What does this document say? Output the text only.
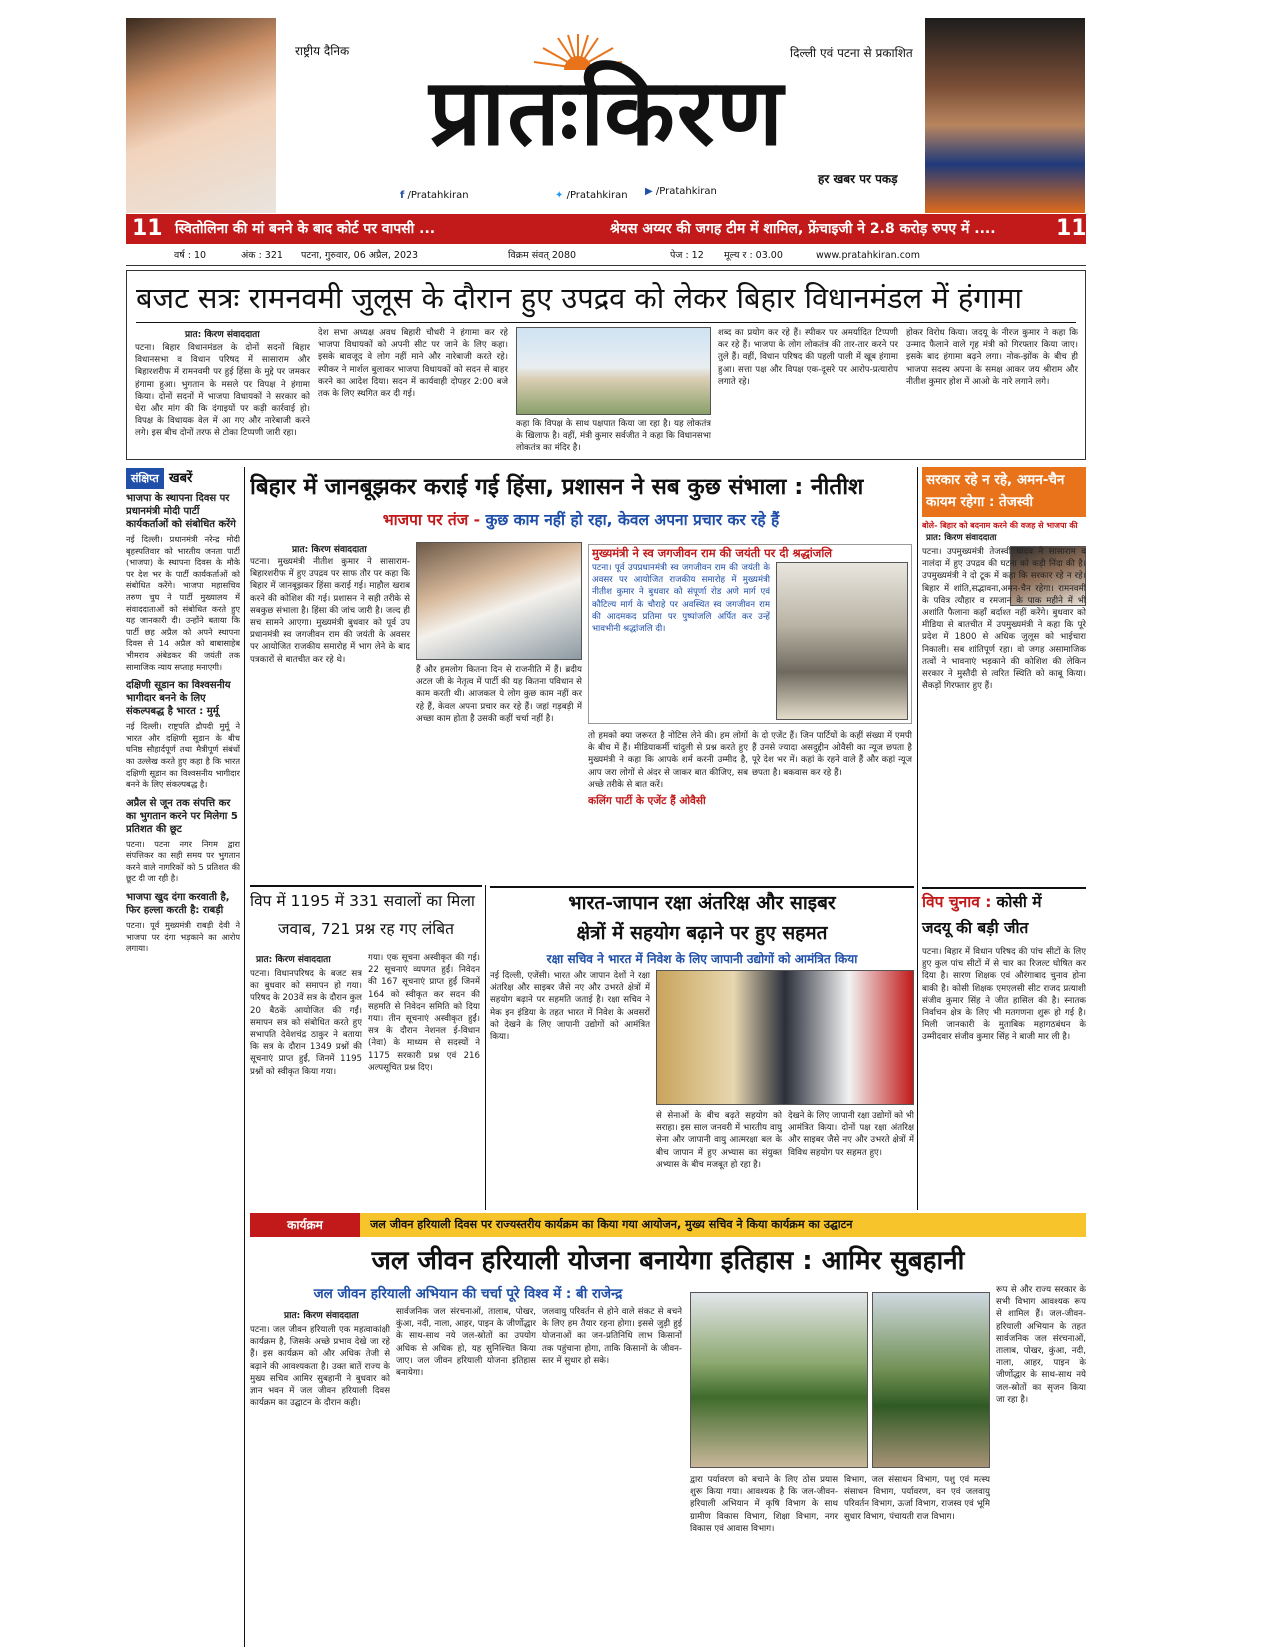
राष्ट्रीय दैनिक	दिल्ली एवं पटना से प्रकाशित
प्रातःकिरण
हर खबर पर पकड़
f /Pratahkiran	✦ /Pratahkiran ▶ /Pratahkiran
11 स्वितोलिना की मां बनने के बाद कोर्ट पर वापसी ...	श्रेयस अय्यर की जगह टीम में शामिल, फ्रेंचाइजी ने 2.8 करोड़ रुपए में ....	11
वर्ष : 10	अंक : 321 पटना, गुरुवार, 06 अप्रैल, 2023	विक्रम संवत् 2080	पेज : 12 मूल्य र : 03.00	www.pratahkiran.com
बजट सत्रः रामनवमी जुलूस के दौरान हुए उपद्रव को लेकर बिहार विधानमंडल में हंगामा
प्रात: किरण संवाददाता

पटना। बिहार विधानमंडल के दोनों सदनों बिहार विधानसभा व विधान परिषद में सासाराम और बिहारशरीफ में रामनवमी पर हुई हिंसा के मुद्दे पर जमकर हंगामा हुआ। भुगतान के मसले पर विपक्ष ने हंगामा किया। दोनों सदनों में भाजपा विधायकों ने सरकार को घेरा और मांग की कि दंगाइयों पर कड़ी कार्रवाई हो। विपक्ष के विधायक वेल में आ गए और नारेबाजी करने लगे। इस बीच दोनों तरफ से टोका टिप्पणी जारी रहा।

देश सभा अध्यक्ष अवध बिहारी चौधरी ने हंगामा कर रहे भाजपा विधायकों को अपनी सीट पर जाने के लिए कहा। इसके बावजूद वे लोग नहीं माने और नारेबाजी करते रहे। स्पीकर ने मार्शल बुलाकर भाजपा विधायकों को सदन से बाहर करने का आदेश दिया। सदन में कार्यवाही दोपहर 2:00 बजे तक के लिए स्थगित कर दी गई।

कहा कि विपक्ष के साथ पक्षपात किया जा रहा है। यह लोकतंत्र के खिलाफ है। वहीं, मंत्री कुमार सर्वजीत ने कहा कि विधानसभा लोकतंत्र का मंदिर है।

शब्द का प्रयोग कर रहे हैं। स्पीकर पर अमर्यादित टिप्पणी कर रहे हैं। भाजपा के लोग लोकतंत्र की तार-तार करने पर तुले हैं। वहीं, विधान परिषद की पहली पाली में खूब हंगामा हुआ। सत्ता पक्ष और विपक्ष एक-दूसरे पर आरोप-प्रत्यारोप लगाते रहे।

होकर विरोध किया। जदयू के नीरज कुमार ने कहा कि उन्माद फैलाने वाले गृह मंत्री को गिरफ्तार किया जाए। इसके बाद हंगामा बढ़ने लगा। नोक-झोंक के बीच ही भाजपा सदस्य अपना के समक्ष आकर जय श्रीराम और नीतीश कुमार होश में आओ के नारे लगाने लगे।

संक्षिप्त खबरें
भाजपा के स्थापना दिवस पर प्रधानमंत्री मोदी पार्टी कार्यकर्ताओं को संबोधित करेंगे

नई दिल्ली। प्रधानमंत्री नरेन्द्र मोदी बृहस्पतिवार को भारतीय जनता पार्टी (भाजपा) के स्थापना दिवस के मौके पर देश भर के पार्टी कार्यकर्ताओं को संबोधित करेंगे। भाजपा महासचिव तरुण चुघ ने पार्टी मुख्यालय में संवाददाताओं को संबोधित करते हुए यह जानकारी दी। उन्होंने बताया कि पार्टी छह अप्रैल को अपने स्थापना दिवस से 14 अप्रैल को बाबासाहेब भीमराव अंबेडकर की जयंती तक सामाजिक न्याय सप्ताह मनाएगी।

दक्षिणी सूडान का विश्वसनीय भागीदार बनने के लिए संकल्पबद्ध है भारत : मुर्मू

नई दिल्ली। राष्ट्रपति द्रौपदी मुर्मू ने भारत और दक्षिणी सूडान के बीच घनिष्ठ सौहार्दपूर्ण तथा मैत्रीपूर्ण संबंधों का उल्लेख करते हुए कहा है कि भारत दक्षिणी सूडान का विश्वसनीय भागीदार बनने के लिए संकल्पबद्ध है।

अप्रैल से जून तक संपत्ति कर का भुगतान करने पर मिलेगा 5 प्रतिशत की छूट

पटना। पटना नगर निगम द्वारा संपत्तिकर का सही समय पर भुगतान करने वाले नागरिकों को 5 प्रतिशत की छूट दी जा रही है।

भाजपा खुद दंगा करवाती है, फिर हल्ला करती है: राबड़ी

पटना। पूर्व मुख्यमंत्री राबड़ी देवी ने भाजपा पर दंगा भड़काने का आरोप लगाया।

बिहार में जानबूझकर कराई गई हिंसा, प्रशासन ने सब कुछ संभाला : नीतीश
भाजपा पर तंज - कुछ काम नहीं हो रहा, केवल अपना प्रचार कर रहे हैं
प्रात: किरण संवाददाता

पटना। मुख्यमंत्री नीतीश कुमार ने सासाराम-बिहारशरीफ में हुए उपद्रव पर साफ तौर पर कहा कि बिहार में जानबूझकर हिंसा कराई गई। माहौल खराब करने की कोशिश की गई। प्रशासन ने सही तरीके से सबकुछ संभाला है। हिंसा की जांच जारी है। जल्द ही सच सामने आएगा। मुख्यमंत्री बुधवार को पूर्व उप प्रधानमंत्री स्व जगजीवन राम की जयंती के अवसर पर आयोजित राजकीय समारोह में भाग लेने के बाद पत्रकारों से बातचीत कर रहे थे।

हैं और हमलोग कितना दिन से राजनीति में हैं। ब्रदीय अटल जी के नेतृत्व में पार्टी की यह कितना पविधान से काम करती थी। आजकल ये लोग कुछ काम नहीं कर रहे हैं, केवल अपना प्रचार कर रहे हैं। जहां गड़बड़ी में अच्छा काम होता है उसकी कहीं चर्चा नहीं है।

मुख्यमंत्री ने स्व जगजीवन राम की जयंती पर दी श्रद्धांजलि

पटना। पूर्व उपप्रधानमंत्री स्व जगजीवन राम की जयंती के अवसर पर आयोजित राजकीय समारोह में मुख्यमंत्री नीतीश कुमार ने बुधवार को संपूर्णा रोड अणे मार्ग एवं कौटिल्य मार्ग के चौराहे पर अवस्थित स्व जगजीवन राम की आदमकद प्रतिमा पर पुष्पांजलि अर्पित कर उन्हें भावभीनी श्रद्धांजलि दी।

तो हमको क्या जरूरत है नोटिस लेने की। हम लोगों के बीच में हैं। मीडियाकर्मी चांदुली से प्रश्न करते हुए मुख्यमंत्री ने कहा कि आपके शर्म करनी उम्मीद है, आप जरा लोगों से अंदर से जाकर बात कीजिए, सब अच्छे तरीके से बात करें।

कलिंग पार्टी के एजेंट हैं ओवैसी

के दो एजेंट हैं। जिन पार्टियों के कहीं संख्या में एमपी हैं उनसे ज्यादा असदुद्दीन ओवैसी का न्यूज छपता है पूरे देश भर में। कहां के रहने वाले हैं और कहां न्यूज छपता है। बकवास कर रहे हैं।

सरकार रहे न रहे, अमन-चैन कायम रहेगा : तेजस्वी
बोले- बिहार को बदनाम करने की वजह से भाजपा की
प्रात: किरण संवाददाता

पटना। उपमुख्यमंत्री तेजस्वी यादव ने सासाराम व नालंदा में हुए उपद्रव की घटना को कड़ी निंदा की है। उपमुख्यमंत्री ने दो टूक में कहा कि सरकार रहे न रहे। बिहार में शांति,सद्भावना,अमन-चैन रहेगा। रामनवमी के पवित्र त्यौहार व रमजान के पाक महीने में भी अशांति फैलाना कहाँ बर्दाश्त नहीं करेंगे। बुधवार को मीडिया से बातचीत में उपमुख्यमंत्री ने कहा कि पूरे प्रदेश में 1800 से अधिक जुलूस को भाईचारा निकाली। सब शांतिपूर्ण रहा। वो जगह असामाजिक तत्वों ने भावनाएं भड़काने की कोशिश की लेकिन सरकार ने मुस्तैदी से त्वरित स्थिति को काबू किया। सैकड़ों गिरफ्तार हुए हैं।

विप में 1195 में 331 सवालों का मिला
जवाब, 721 प्रश्न रह गए लंबित
प्रात: किरण संवाददाता

पटना। विधानपरिषद के बजट सत्र का बुधवार को समापन हो गया। परिषद के 203वें सत्र के दौरान कुल 20 बैठकें आयोजित की गईं। समापन सत्र को संबोधित करते हुए सभापति देवेशचंद्र ठाकुर ने बताया कि सत्र के दौरान 1349 प्रश्नों की सूचनाएं प्राप्त हुईं, जिनमें 1195 प्रश्नों को स्वीकृत किया गया।

गया। एक सूचना अस्वीकृत की गई। 22 सूचनाएं व्यपगत हुईं। निवेदन की 167 सूचनाएं प्राप्त हुईं जिनमें 164 को स्वीकृत कर सदन की सहमति से निवेदन समिति को दिया गया। तीन सूचनाएं अस्वीकृत हुईं। सत्र के दौरान नेशनल ई-विधान (नेवा) के माध्यम से सदस्यों ने 1175 सरकारी प्रश्न एवं 216 अल्पसूचित प्रश्न दिए।

भारत-जापान रक्षा अंतरिक्ष और साइबर
क्षेत्रों में सहयोग बढ़ाने पर हुए सहमत
रक्षा सचिव ने भारत में निवेश के लिए जापानी उद्योगों को आमंत्रित किया

नई दिल्ली, एजेंसी। भारत और जापान देशों ने रक्षा अंतरिक्ष और साइबर जैसे नए और उभरते क्षेत्रों में सहयोग बढ़ाने पर सहमति जताई है। रक्षा सचिव ने मेक इन इंडिया के तहत भारत में निवेश के अवसरों को देखने के लिए जापानी उद्योगों को आमंत्रित किया।

से सेनाओं के बीच बढ़ते सहयोग को सराहा। इस साल जनवरी में भारतीय वायु सेना और जापानी वायु आत्मरक्षा बल के बीच जापान में हुए अभ्यास का संयुक्त अभ्यास के बीच मजबूत हो रहा है।

देखने के लिए जापानी रक्षा उद्योगों को भी आमंत्रित किया। दोनों पक्ष रक्षा अंतरिक्ष और साइबर जैसे नए और उभरते क्षेत्रों में विविध सहयोग पर सहमत हुए।

विप चुनाव : कोसी में
जदयू की बड़ी जीत

पटना। बिहार में विधान परिषद की पांच सीटों के लिए हुए कुल पांच सीटों में से चार का रिजल्ट घोषित कर दिया है। सारण शिक्षक एवं औरंगाबाद चुनाव होना बाकी है। कोसी शिक्षक एमएलसी सीट राजद प्रत्याशी संजीव कुमार सिंह ने जीत हासिल की है। स्नातक निर्वाचन क्षेत्र के लिए भी मतगणना शुरू हो गई है। मिली जानकारी के मुताबिक महागठबंधन के उम्मीदवार संजीव कुमार सिंह ने बाजी मार ली है।

कार्यक्रम	जल जीवन हरियाली दिवस पर राज्यस्तरीय कार्यक्रम का किया गया आयोजन, मुख्य सचिव ने किया कार्यक्रम का उद्घाटन
जल जीवन हरियाली योजना बनायेगा इतिहास : आमिर सुबहानी
जल जीवन हरियाली अभियान की चर्चा पूरे विश्व में : बी राजेन्द्र
प्रात: किरण संवाददाता

पटना। जल जीवन हरियाली एक महत्वाकांक्षी कार्यक्रम है, जिसके अच्छे प्रभाव देखे जा रहे हैं। इस कार्यक्रम को और अधिक तेजी से बढ़ाने की आवश्यकता है। उक्त बातें राज्य के मुख्य सचिव आमिर सुबहानी ने बुधवार को ज्ञान भवन में जल जीवन हरियाली दिवस कार्यक्रम का उद्घाटन के दौरान कही।

सार्वजनिक जल संरचनाओं, तालाब, पोखर, कुंआ, नदी, नाला, आहर, पाइन के जीर्णोद्धार के साथ-साथ नये जल-स्रोतों का उपयोग अधिक से अधिक हो, यह सुनिश्चित किया जाए। जल जीवन हरियाली योजना इतिहास बनायेगा।

जलवायु परिवर्तन से होने वाले संकट से बचने के लिए हम तैयार रहना होगा। इससे जुड़ी हुई योजनाओं का जन-प्रतिनिधि लाभ किसानों तक पहुंचाना होगा, ताकि किसानों के जीवन-स्तर में सुधार हो सके।

द्वारा पर्यावरण को बचाने के लिए ठोस प्रयास शुरू किया गया। आवश्यक है कि जल-जीवन-हरियाली अभियान में कृषि विभाग के साथ ग्रामीण विकास विभाग, शिक्षा विभाग, नगर विकास एवं आवास विभाग।

विभाग, जल संसाधन विभाग, पशु एवं मत्स्य संसाधन विभाग, पर्यावरण, वन एवं जलवायु परिवर्तन विभाग, ऊर्जा विभाग, राजस्व एवं भूमि सुधार विभाग, पंचायती राज विभाग।

रूप से और राज्य सरकार के सभी विभाग आवश्यक रूप से शामिल हैं। जल-जीवन-हरियाली अभियान के तहत सार्वजनिक जल संरचनाओं, तालाब, पोखर, कुंआ, नदी, नाला, आहर, पाइन के जीर्णोद्धार के साथ-साथ नये जल-स्रोतों का सृजन किया जा रहा है।
